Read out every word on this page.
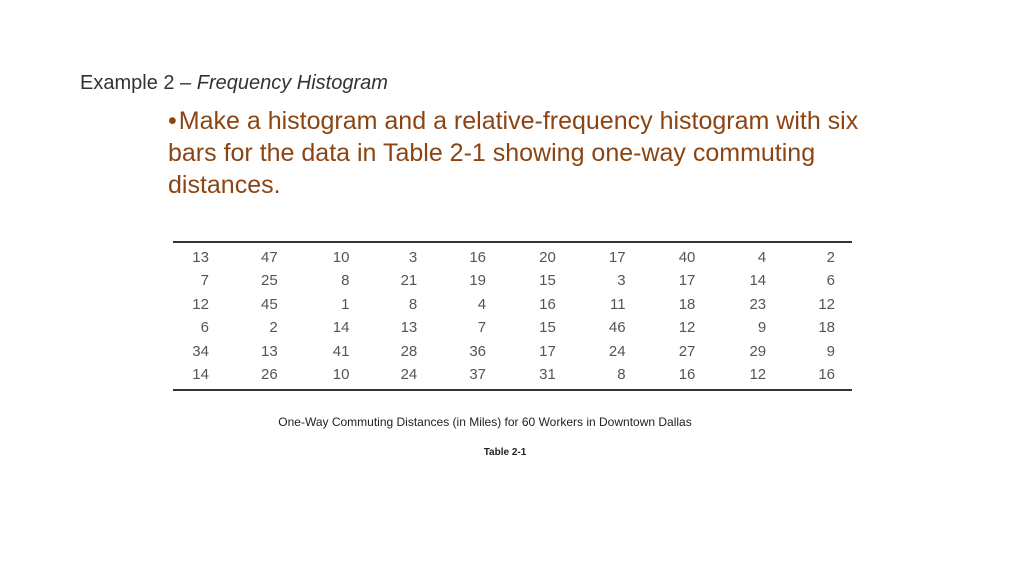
Example 2 – Frequency Histogram
•Make a histogram and a relative-frequency histogram with six bars for the data in Table 2-1 showing one-way commuting distances.
13	47	10	3	16	20	17	40	4	2
7	25	8	21	19	15	3	17	14	6
12	45	1	8	4	16	11	18	23	12
6	2	14	13	7	15	46	12	9	18
34	13	41	28	36	17	24	27	29	9
14	26	10	24	37	31	8	16	12	16
One-Way Commuting Distances (in Miles) for 60 Workers in Downtown Dallas
Table 2-1
